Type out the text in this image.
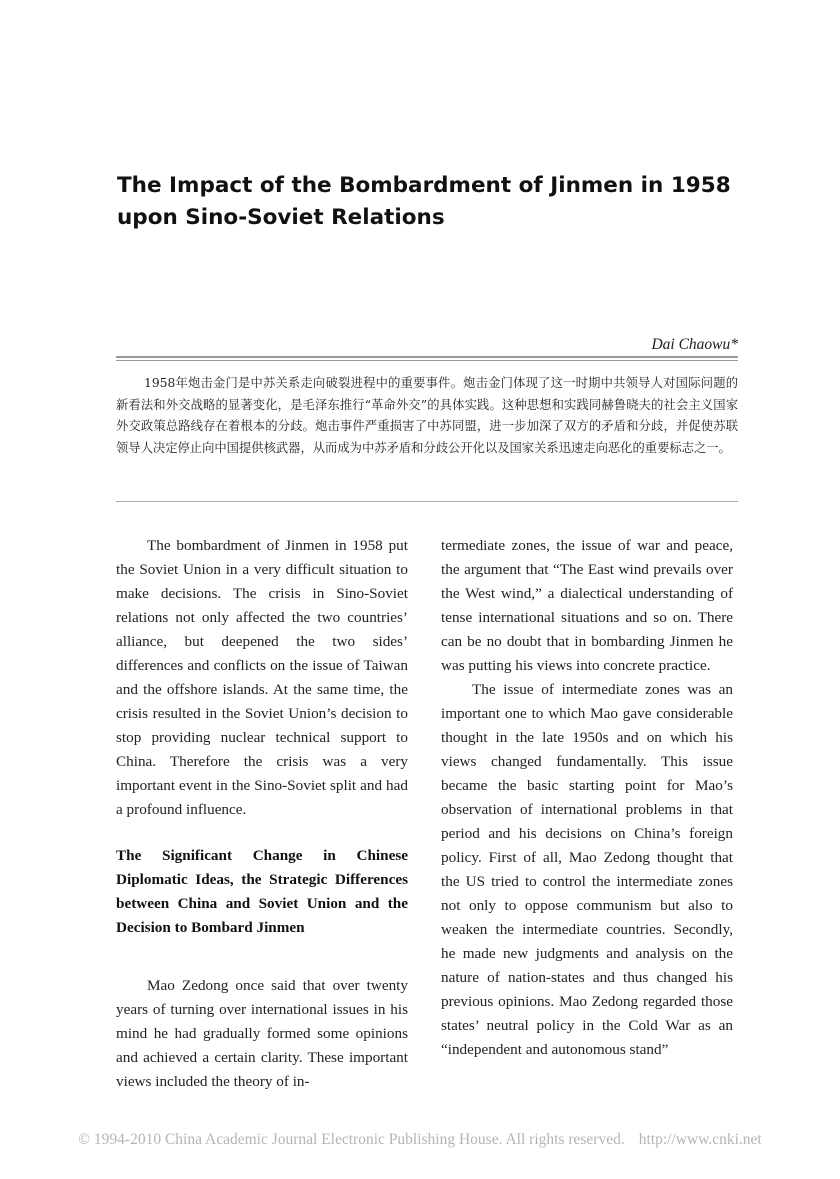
The Impact of the Bombardment of Jinmen in 1958
upon Sino-Soviet Relations
Dai Chaowu*

1958年炮击金门是中苏关系走向破裂进程中的重要事件。炮击金门体现了这一时期中共领导人对国际问题的新看法和外交战略的显著变化，是毛泽东推行“革命外交”的具体实践。这种思想和实践同赫鲁晓夫的社会主义国家外交政策总路线存在着根本的分歧。炮击事件严重损害了中苏同盟，进一步加深了双方的矛盾和分歧，并促使苏联领导人决定停止向中国提供核武器，从而成为中苏矛盾和分歧公开化以及国家关系迅速走向恶化的重要标志之一。

The bombardment of Jinmen in 1958 put the Soviet Union in a very difficult situation to make decisions. The crisis in Sino-Soviet relations not only affected the two countries’ alliance, but deepened the two sides’ differences and conflicts on the issue of Taiwan and the offshore islands. At the same time, the crisis resulted in the Soviet Union’s decision to stop providing nuclear technical support to China. Therefore the crisis was a very important event in the Sino-Soviet split and had a profound influence.

The Significant Change in Chinese Diplomatic Ideas, the Strategic Differences between China and Soviet Union and the Decision to Bombard Jinmen

Mao Zedong once said that over twenty years of turning over international issues in his mind he had gradually formed some opinions and achieved a certain clarity. These important views included the theory of in-

termediate zones, the issue of war and peace, the argument that “The East wind prevails over the West wind,” a dialectical understanding of tense international situations and so on. There can be no doubt that in bombarding Jinmen he was putting his views into concrete practice.

The issue of intermediate zones was an important one to which Mao gave considerable thought in the late 1950s and on which his views changed fundamentally. This issue became the basic starting point for Mao’s observation of international problems in that period and his decisions on China’s foreign policy. First of all, Mao Zedong thought that the US tried to control the intermediate zones not only to oppose communism but also to weaken the intermediate countries. Secondly, he made new judgments and analysis on the nature of nation-states and thus changed his previous opinions. Mao Zedong regarded those states’ neutral policy in the Cold War as an “independent and autonomous stand”

© 1994-2010 China Academic Journal Electronic Publishing House. All rights reserved. http://www.cnki.net
